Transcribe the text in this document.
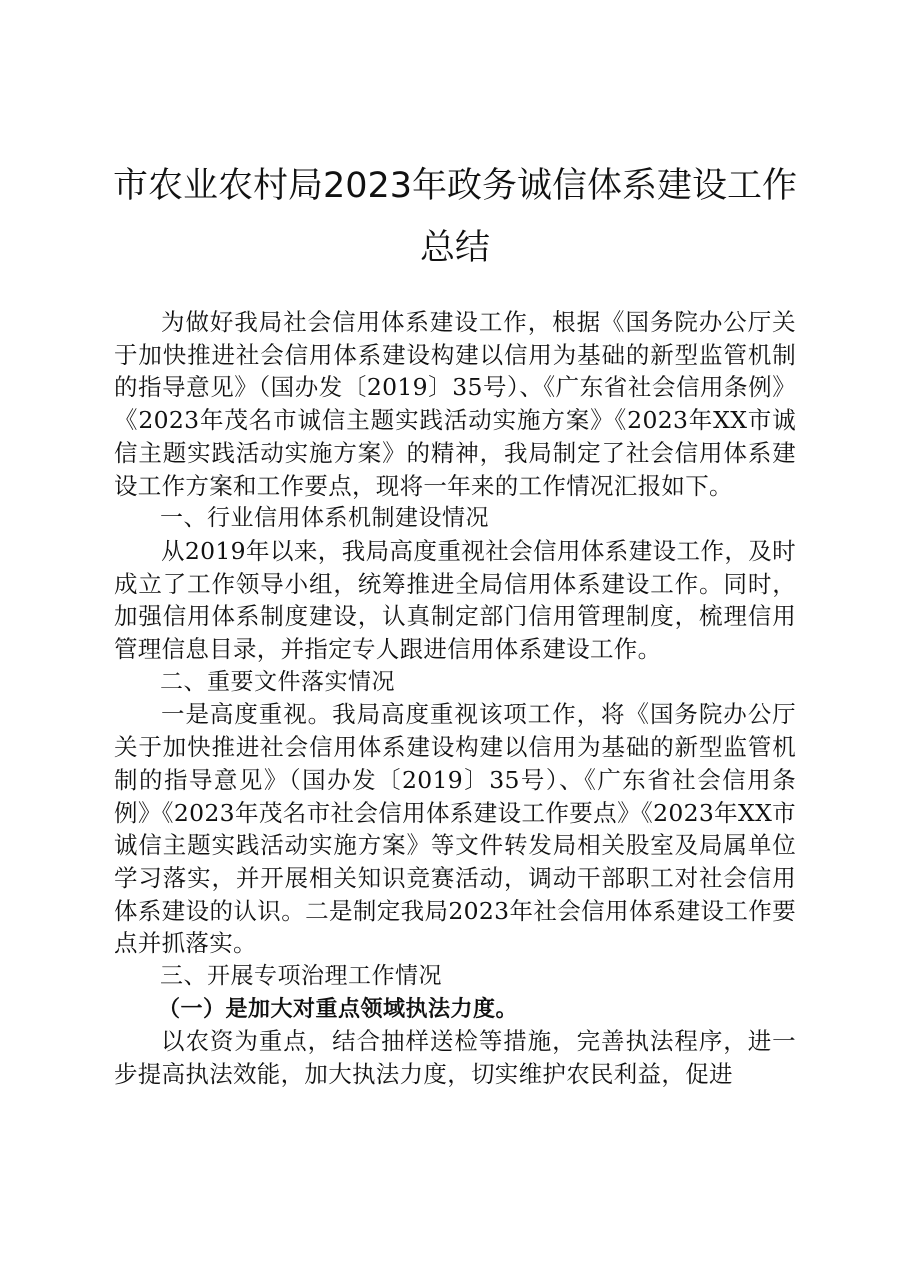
市农业农村局2023年政务诚信体系建设工作
总结

为做好我局社会信用体系建设工作，根据《国务院办公厅关于加快推进社会信用体系建设构建以信用为基础的新型监管机制的指导意见》（国办发〔2019〕35号）、《广东省社会信用条例》《2023年茂名市诚信主题实践活动实施方案》《2023年XX市诚信主题实践活动实施方案》的精神，我局制定了社会信用体系建设工作方案和工作要点，现将一年来的工作情况汇报如下。

一、行业信用体系机制建设情况

从2019年以来，我局高度重视社会信用体系建设工作，及时成立了工作领导小组，统筹推进全局信用体系建设工作。同时，加强信用体系制度建设，认真制定部门信用管理制度，梳理信用管理信息目录，并指定专人跟进信用体系建设工作。

二、重要文件落实情况

一是高度重视。我局高度重视该项工作，将《国务院办公厅关于加快推进社会信用体系建设构建以信用为基础的新型监管机制的指导意见》（国办发〔2019〕35号）、《广东省社会信用条例》《2023年茂名市社会信用体系建设工作要点》《2023年XX市诚信主题实践活动实施方案》等文件转发局相关股室及局属单位学习落实，并开展相关知识竞赛活动，调动干部职工对社会信用体系建设的认识。二是制定我局2023年社会信用体系建设工作要点并抓落实。

三、开展专项治理工作情况
（一）是加大对重点领域执法力度。

以农资为重点，结合抽样送检等措施，完善执法程序，进一步提高执法效能，加大执法力度，切实维护农民利益，促进
